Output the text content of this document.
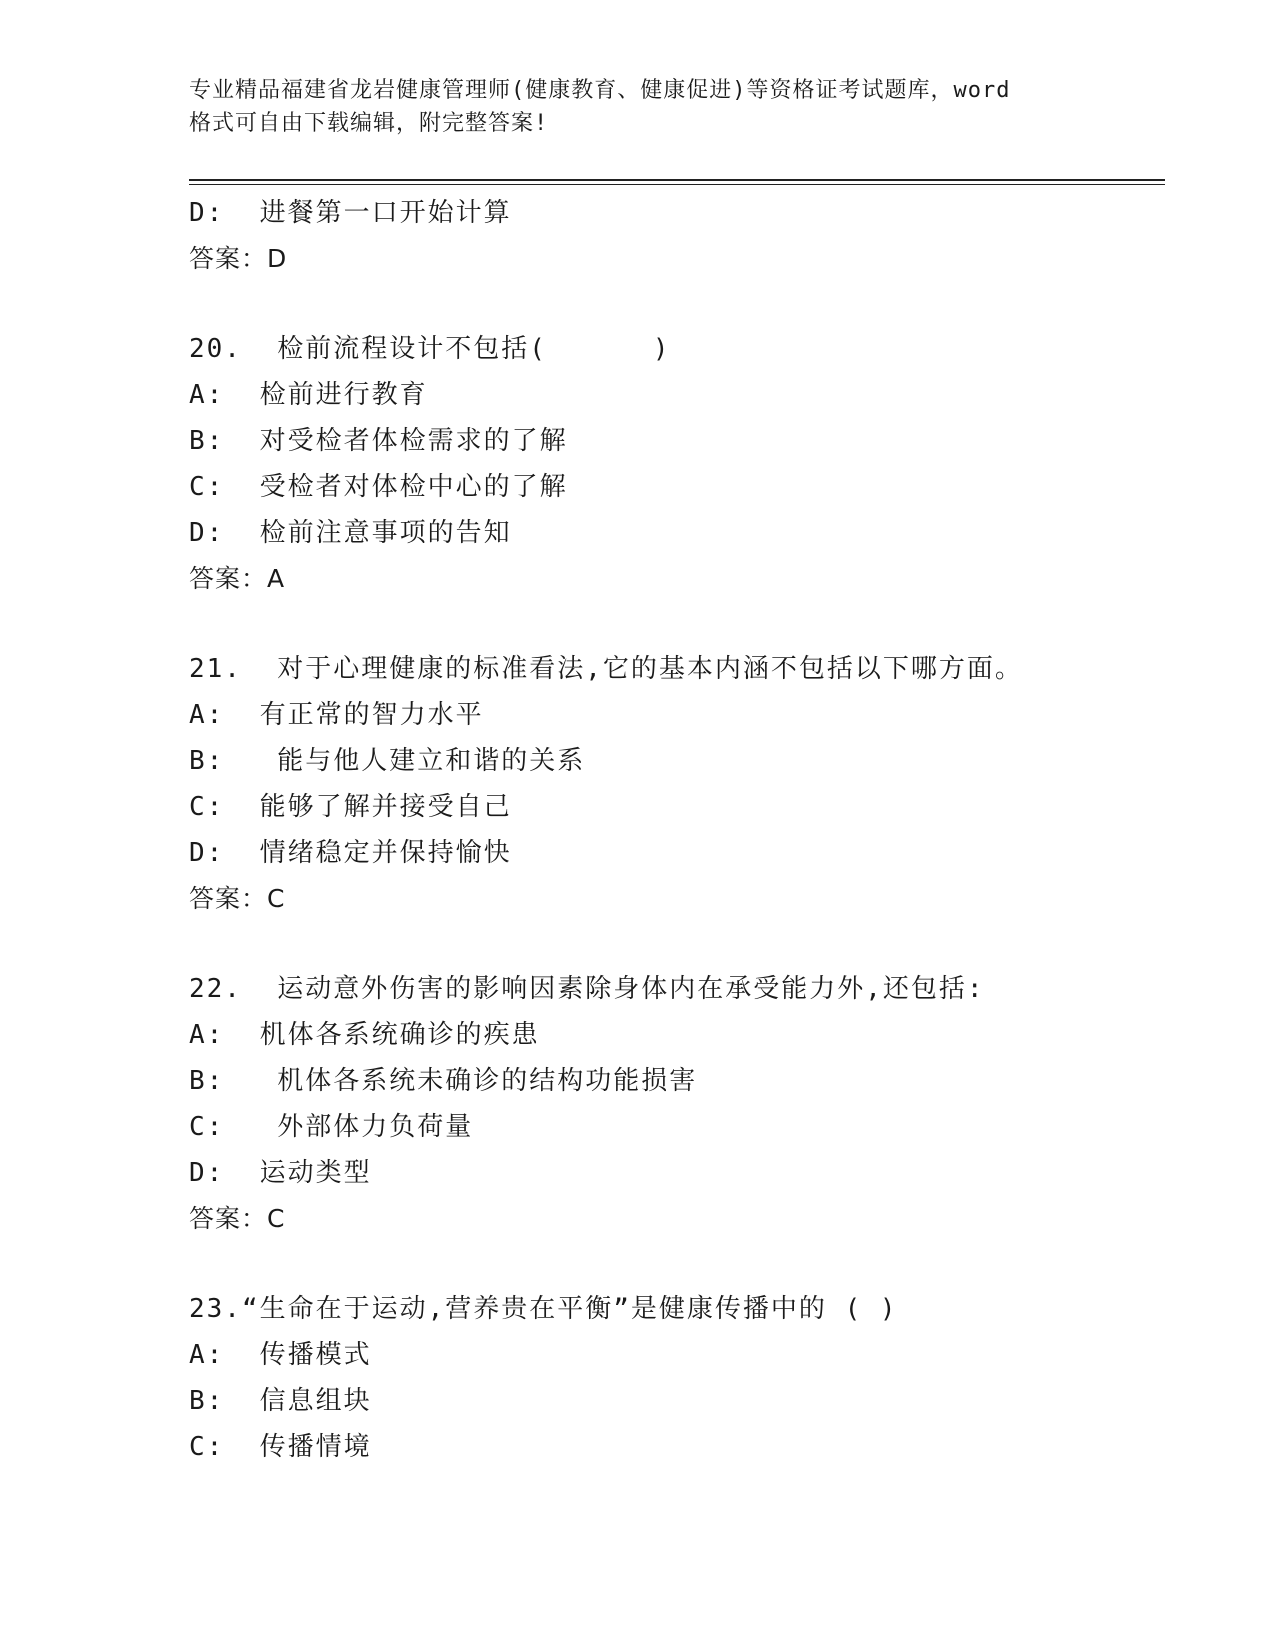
专业精品福建省龙岩健康管理师(健康教育、健康促进)等资格证考试题库，word
格式可自由下载编辑，附完整答案!
D:  进餐第一口开始计算
答案：D
20.  检前流程设计不包括(      )
A:  检前进行教育
B:  对受检者体检需求的了解
C:  受检者对体检中心的了解
D:  检前注意事项的告知
答案：A
21.  对于心理健康的标准看法,它的基本内涵不包括以下哪方面。
A:  有正常的智力水平
B:   能与他人建立和谐的关系
C:  能够了解并接受自己
D:  情绪稳定并保持愉快
答案：C
22.  运动意外伤害的影响因素除身体内在承受能力外,还包括:
A:  机体各系统确诊的疾患
B:   机体各系统未确诊的结构功能损害
C:   外部体力负荷量
D:  运动类型
答案：C
23.“生命在于运动,营养贵在平衡”是健康传播中的 ( )
A:  传播模式
B:  信息组块
C:  传播情境
